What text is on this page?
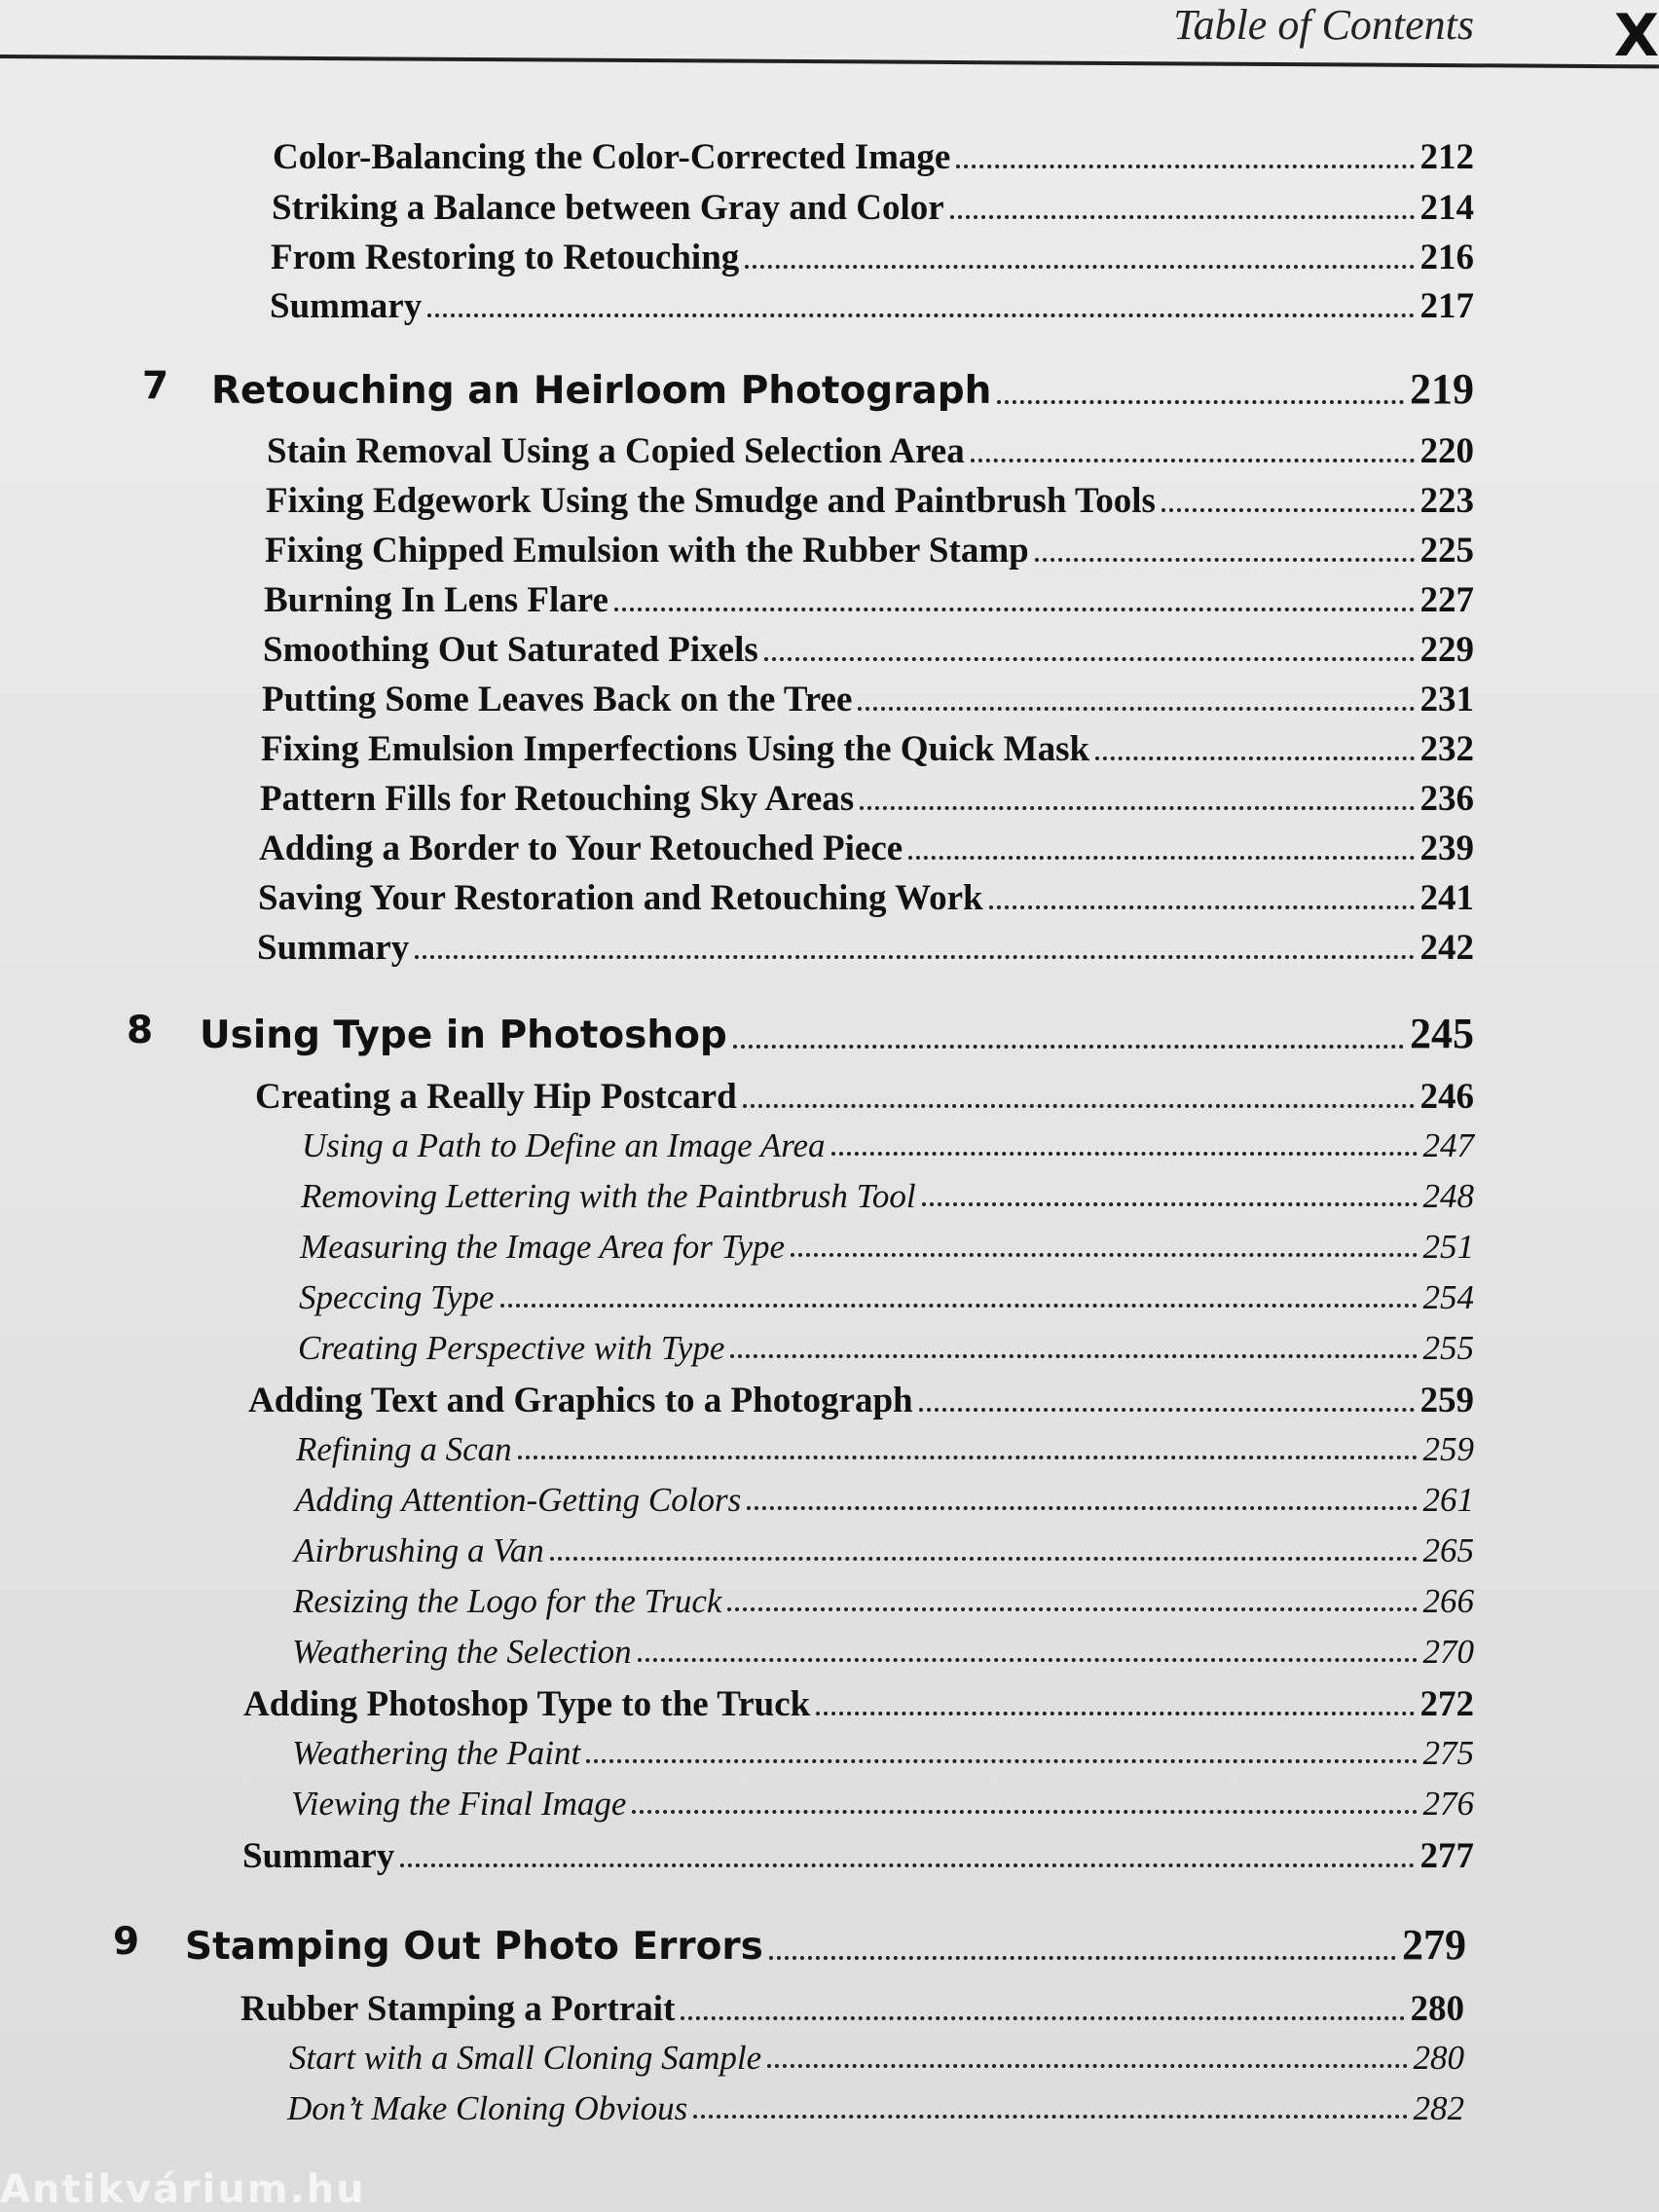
Table of Contents X
Color-Balancing the Color-Corrected Image	212
Striking a Balance between Gray and Color	214
From Restoring to Retouching	216
Summary	217
7 Retouching an Heirloom Photograph	219
Stain Removal Using a Copied Selection Area	220
Fixing Edgework Using the Smudge and Paintbrush Tools	223
Fixing Chipped Emulsion with the Rubber Stamp	225
Burning In Lens Flare	227
Smoothing Out Saturated Pixels	229
Putting Some Leaves Back on the Tree	231
Fixing Emulsion Imperfections Using the Quick Mask	232
Pattern Fills for Retouching Sky Areas	236
Adding a Border to Your Retouched Piece	239
Saving Your Restoration and Retouching Work	241
Summary	242
8 Using Type in Photoshop	245
Creating a Really Hip Postcard	246
Using a Path to Define an Image Area	247
Removing Lettering with the Paintbrush Tool	248
Measuring the Image Area for Type	251
Speccing Type	254
Creating Perspective with Type	255
Adding Text and Graphics to a Photograph	259
Refining a Scan	259
Adding Attention-Getting Colors	261
Airbrushing a Van	265
Resizing the Logo for the Truck	266
Weathering the Selection	270
Adding Photoshop Type to the Truck	272
Weathering the Paint	275
Viewing the Final Image	276
Summary	277
9 Stamping Out Photo Errors	279
Rubber Stamping a Portrait	280
Start with a Small Cloning Sample	280
Don’t Make Cloning Obvious	282
Antikvárium.hu
